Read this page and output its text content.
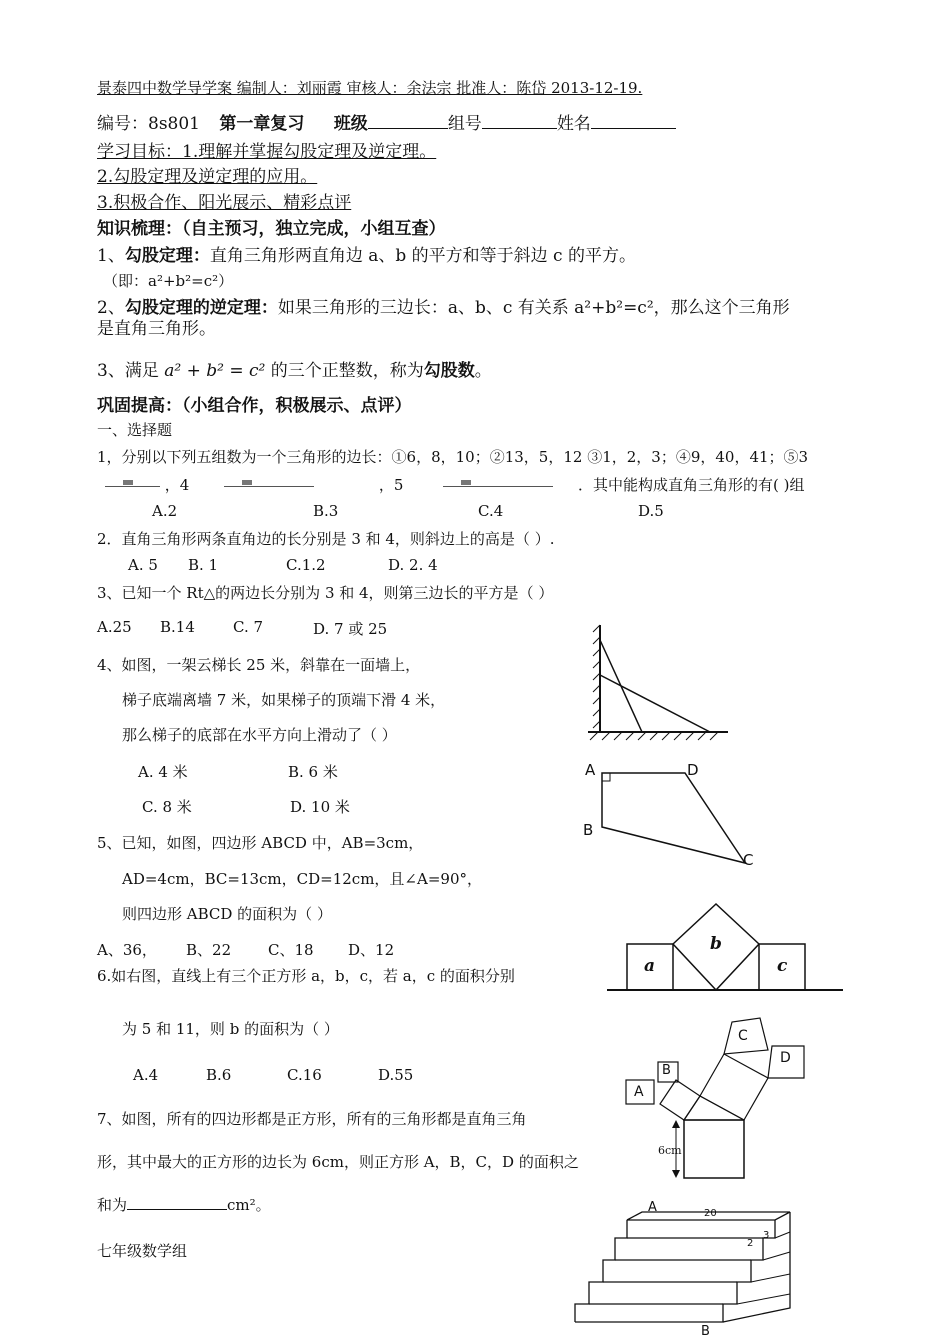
景泰四中数学导学案 编制人：刘丽霞 审核人：余法宗 批准人：陈岱 2013-12-19.
编号：8s801 第一章复习 班级	组号	姓名
学习目标：1.理解并掌握勾股定理及逆定理。
2.勾股定理及逆定理的应用。
3.积极合作、阳光展示、精彩点评
知识梳理：（自主预习，独立完成，小组互查）
1、勾股定理：直角三角形两直角边 a、b 的平方和等于斜边 c 的平方。
（即：a²+b²=c²）
2、勾股定理的逆定理：如果三角形的三边长：a、b、c 有关系 a²+b²=c²，那么这个三角形
是直角三角形。
3、满足 a² + b² = c² 的三个正整数，称为勾股数。
巩固提高：（小组合作，积极展示、点评）
一、选择题
1，分别以下列五组数为一个三角形的边长：①6，8，10；②13，5，12 ③1，2，3；④9，40，41；⑤3
，4	，5	．其中能构成直角三角形的有( )组
A.2	B.3	C.4	D.5
2．直角三角形两条直角边的长分别是 3 和 4，则斜边上的高是（ ）.
A. 5 B. 1	C.1.2	D. 2. 4
3、已知一个 Rt△的两边长分别为 3 和 4，则第三边长的平方是（ ）
A.25 B.14	C. 7	D. 7 或 25
4、如图，一架云梯长 25 米，斜靠在一面墙上，
梯子底端离墙 7 米，如果梯子的顶端下滑 4 米，
那么梯子的底部在水平方向上滑动了（ ）
A. 4 米	B. 6 米
C. 8 米	D. 10 米
5、已知，如图，四边形 ABCD 中，AB=3cm，
AD=4cm，BC=13cm，CD=12cm，且∠A=90°，
则四边形 ABCD 的面积为（ ）
A、36， B、22 C、18 D、12
6.如右图，直线上有三个正方形 a，b，c，若 a，c 的面积分别
为 5 和 11，则 b 的面积为（ ）
A.4	B.6	C.16	D.55
7、如图，所有的四边形都是正方形，所有的三角形都是直角三角
形，其中最大的正方形的边长为 6cm，则正方形 A，B，C，D 的面积之
和为	cm²。
七年级数学组
A	D
B
C
a
b
c
A
B
C
D
6cm
A	20
2
3
B
